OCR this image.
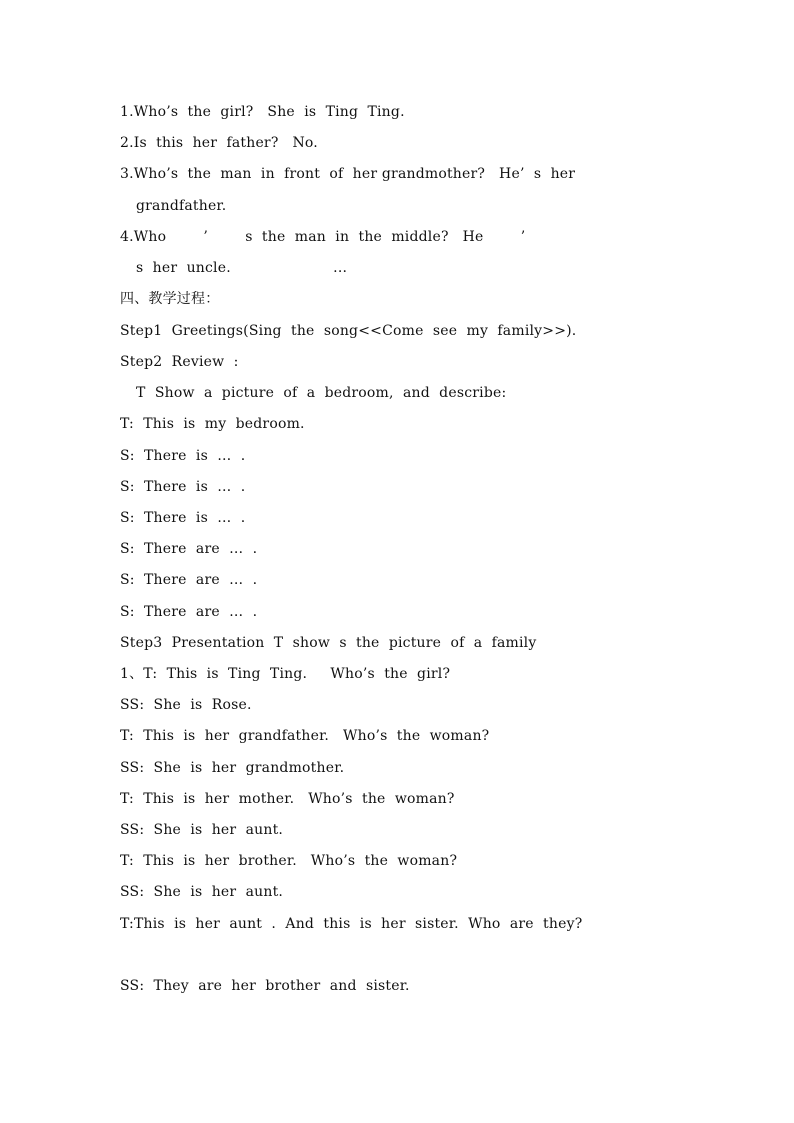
1.Who’s  the  girl?   She  is  Ting  Ting.
2.Is  this  her  father?   No.
3.Who’s  the  man  in  front  of  her grandmother?   He’  s  her
grandfather.
4.Who        ’        s  the  man  in  the  middle?   He        ’
s  her  uncle.                      ...
四、教学过程：
Step1  Greetings(Sing  the  song<<Come  see  my  family>>).
Step2  Review  :
T  Show  a  picture  of  a  bedroom,  and  describe:
T:  This  is  my  bedroom.
S:  There  is  …  .
S:  There  is  …  .
S:  There  is  …  .
S:  There  are  …  .
S:  There  are  …  .
S:  There  are  …  .
Step3  Presentation  T  show  s  the  picture  of  a  family
1、T:  This  is  Ting  Ting.     Who’s  the  girl?
SS:  She  is  Rose.
T:  This  is  her  grandfather.   Who’s  the  woman?
SS:  She  is  her  grandmother.
T:  This  is  her  mother.   Who’s  the  woman?
SS:  She  is  her  aunt.
T:  This  is  her  brother.   Who’s  the  woman?
SS:  She  is  her  aunt.
T:This  is  her  aunt  .  And  this  is  her  sister.  Who  are  they?
SS:  They  are  her  brother  and  sister.
